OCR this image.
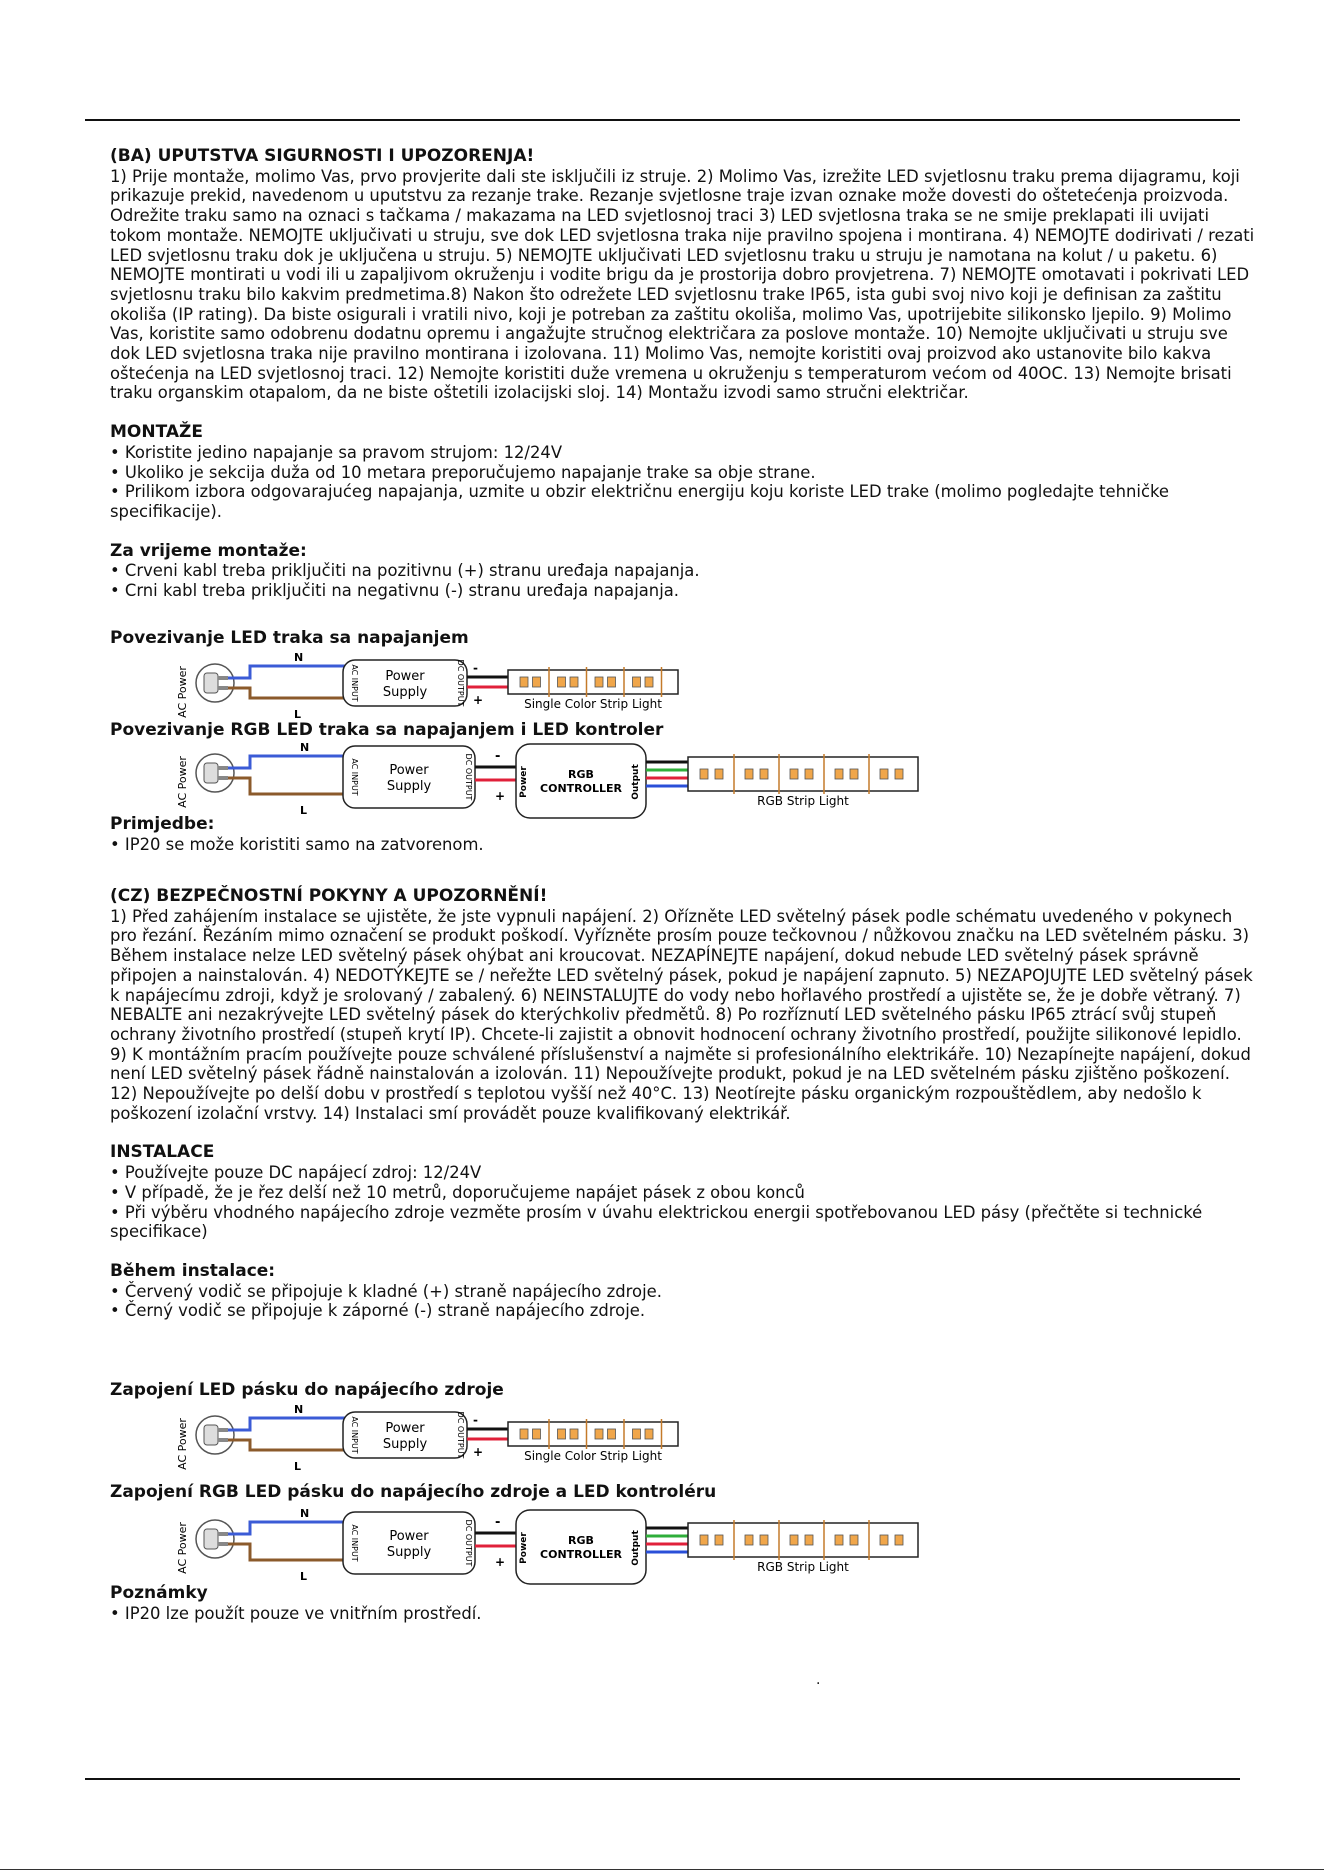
(BA) UPUTSTVA SIGURNOSTI I UPOZORENJA!

1) Prije montaže, molimo Vas, prvo provjerite dali ste isključili iz struje. 2) Molimo Vas, izrežite LED svjetlosnu traku prema dijagramu, koji prikazuje prekid, navedenom u uputstvu za rezanje trake. Rezanje svjetlosne traje izvan oznake može dovesti do oštetećenja proizvoda. Odrežite traku samo na oznaci s tačkama / makazama na LED svjetlosnoj traci 3) LED svjetlosna traka se ne smije preklapati ili uvijati tokom montaže. NEMOJTE uključivati u struju, sve dok LED svjetlosna traka nije pravilno spojena i montirana. 4) NEMOJTE dodirivati / rezati LED svjetlosnu traku dok je uključena u struju. 5) NEMOJTE uključivati LED svjetlosnu traku u struju je namotana na kolut / u paketu. 6) NEMOJTE montirati u vodi ili u zapaljivom okruženju i vodite brigu da je prostorija dobro provjetrena. 7) NEMOJTE omotavati i pokrivati LED svjetlosnu traku bilo kakvim predmetima.8) Nakon što odrežete LED svjetlosnu trake IP65, ista gubi svoj nivo koji je definisan za zaštitu okoliša (IP rating). Da biste osigurali i vratili nivo, koji je potreban za zaštitu okoliša, molimo Vas, upotrijebite silikonsko ljepilo. 9) Molimo Vas, koristite samo odobrenu dodatnu opremu i angažujte stručnog električara za poslove montaže. 10) Nemojte uključivati u struju sve dok LED svjetlosna traka nije pravilno montirana i izolovana. 11) Molimo Vas, nemojte koristiti ovaj proizvod ako ustanovite bilo kakva oštećenja na LED svjetlosnoj traci. 12) Nemojte koristiti duže vremena u okruženju s temperaturom većom od 40OC. 13) Nemojte brisati traku organskim otapalom, da ne biste oštetili izolacijski sloj. 14) Montažu izvodi samo stručni električar.

MONTAŽE

• Koristite jedino napajanje sa pravom strujom: 12/24V

• Ukoliko je sekcija duža od 10 metara preporučujemo napajanje trake sa obje strane.

• Prilikom izbora odgovarajućeg napajanja, uzmite u obzir električnu energiju koju koriste LED trake (molimo pogledajte tehničke specifikacije).

Za vrijeme montaže:

• Crveni kabl treba priključiti na pozitivnu (+) stranu uređaja napajanja.

• Crni kabl treba priključiti na negativnu (-) stranu uređaja napajanja.

Povezivanje LED traka sa napajanjem
AC Power
N
L
AC INPUT	DC OUTPUT
Power
Supply
-
+	Single Color Strip Light
Povezivanje RGB LED traka sa napajanjem i LED kontroler
AC Power
N
L
AC INPUT	DC OUTPUT
Power
Supply
-
+ Power	Output
RGB
CONTROLLER
RGB Strip Light

Primjedbe:

• IP20 se može koristiti samo na zatvorenom.

(CZ) BEZPEČNOSTNÍ POKYNY A UPOZORNĚNÍ!

1) Před zahájením instalace se ujistěte, že jste vypnuli napájení. 2) Ořízněte LED světelný pásek podle schématu uvedeného v pokynech pro řezání. Řezáním mimo označení se produkt poškodí. Vyřízněte prosím pouze tečkovnou / nůžkovou značku na LED světelném pásku. 3) Během instalace nelze LED světelný pásek ohýbat ani kroucovat. NEZAPÍNEJTE napájení, dokud nebude LED světelný pásek správně připojen a nainstalován. 4) NEDOTÝKEJTE se / neřežte LED světelný pásek, pokud je napájení zapnuto. 5) NEZAPOJUJTE LED světelný pásek k napájecímu zdroji, když je srolovaný / zabalený. 6) NEINSTALUJTE do vody nebo hořlavého prostředí a ujistěte se, že je dobře větraný. 7) NEBALTE ani nezakrývejte LED světelný pásek do kterýchkoliv předmětů. 8) Po rozříznutí LED světelného pásku IP65 ztrácí svůj stupeň ochrany životního prostředí (stupeň krytí IP). Chcete-li zajistit a obnovit hodnocení ochrany životního prostředí, použijte silikonové lepidlo. 9) K montážním pracím používejte pouze schválené příslušenství a najměte si profesionálního elektrikáře. 10) Nezapínejte napájení, dokud není LED světelný pásek řádně nainstalován a izolován. 11) Nepoužívejte produkt, pokud je na LED světelném pásku zjištěno poškození. 12) Nepoužívejte po delší dobu v prostředí s teplotou vyšší než 40°C. 13) Neotírejte pásku organickým rozpouštědlem, aby nedošlo k poškození izolační vrstvy. 14) Instalaci smí provádět pouze kvalifikovaný elektrikář.

INSTALACE

• Používejte pouze DC napájecí zdroj: 12/24V

• V případě, že je řez delší než 10 metrů, doporučujeme napájet pásek z obou konců

• Při výběru vhodného napájecího zdroje vezměte prosím v úvahu elektrickou energii spotřebovanou LED pásy (přečtěte si technické specifikace)

Během instalace:

• Červený vodič se připojuje k kladné (+) straně napájecího zdroje.

• Černý vodič se připojuje k záporné (-) straně napájecího zdroje.

Zapojení LED pásku do napájecího zdroje
AC Power
N
L
AC INPUT	DC OUTPUT
Power
Supply
-
+	Single Color Strip Light
Zapojení RGB LED pásku do napájecího zdroje a LED kontroléru
AC Power
N
L
AC INPUT	DC OUTPUT
Power
Supply
-
+ Power	Output
RGB
CONTROLLER
RGB Strip Light

Poznámky

• IP20 lze použít pouze ve vnitřním prostředí.

.
